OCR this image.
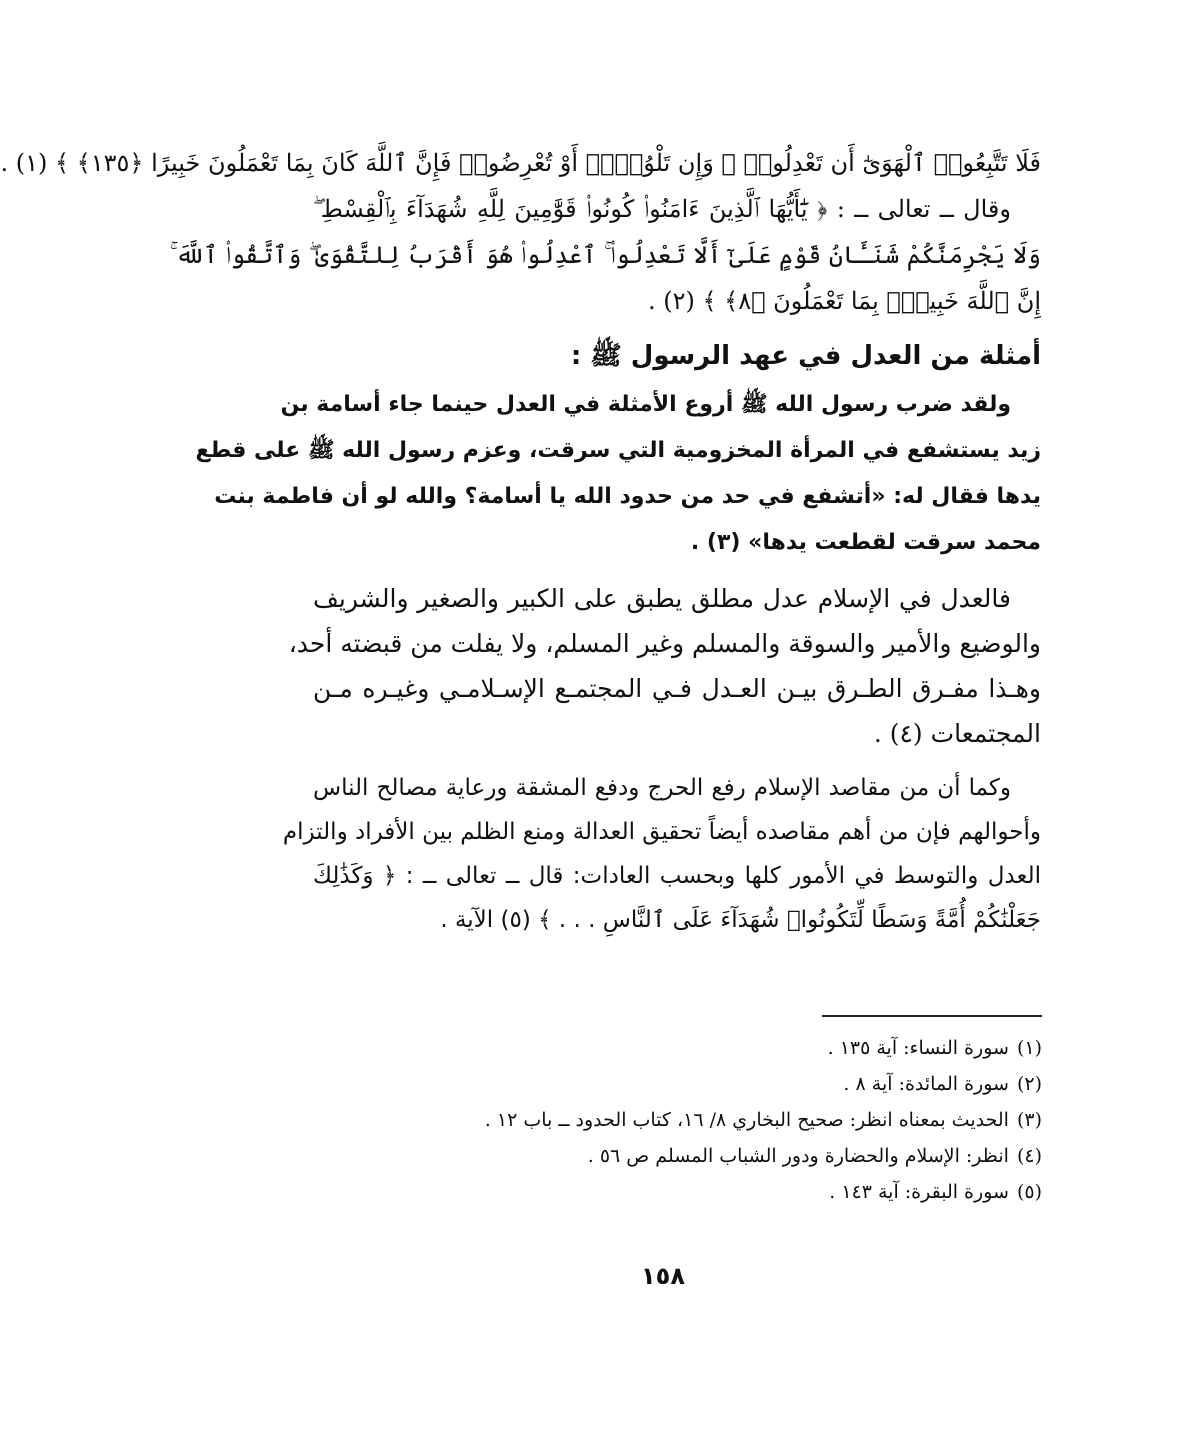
فَلَا تَتَّبِعُوا۟ ٱلْهَوَىٰٓ أَن تَعْدِلُوا۟ ۚ وَإِن تَلْوُۥٓا۟ أَوْ تُعْرِضُوا۟ فَإِنَّ ٱللَّهَ كَانَ بِمَا تَعْمَلُونَ خَبِيرًا ﴿١٣٥﴾ ﴾ (١) .
وقال ــ تعالى ــ : ﴿ يَٰٓأَيُّهَا ٱلَّذِينَ ءَامَنُوا۟ كُونُوا۟ قَوَّٰمِينَ لِلَّهِ شُهَدَآءَ بِٱلْقِسْطِ ۖ
وَلَا يَجْرِمَنَّكُمْ شَنَـَٔانُ قَوْمٍ عَلَىٰٓ أَلَّا تَعْدِلُوا۟ ۚ ٱعْدِلُوا۟ هُوَ أَقْرَبُ لِلتَّقْوَىٰ ۖ وَٱتَّقُوا۟ ٱللَّهَ ۚ
إِنَّ ٱللَّهَ خَبِيرٌۢ بِمَا تَعْمَلُونَ ﴿٨﴾ ﴾ (٢) .
أمثلة من العدل في عهد الرسول ﷺ :
ولقد ضرب رسول الله ﷺ أروع الأمثلة في العدل حينما جاء أسامة بن
زيد يستشفع في المرأة المخزومية التي سرقت، وعزم رسول الله ﷺ على قطع
يدها فقال له: «أتشفع في حد من حدود الله يا أسامة؟ والله لو أن فاطمة بنت
محمد سرقت لقطعت يدها» (٣) .
فالعدل في الإسلام عدل مطلق يطبق على الكبير والصغير والشريف
والوضيع والأمير والسوقة والمسلم وغير المسلم، ولا يفلت من قبضته أحد،
وهـذا مفـرق الطـرق بيـن العـدل فـي المجتمـع الإسـلامـي وغيـره مـن
المجتمعات (٤) .
وكما أن من مقاصد الإسلام رفع الحرج ودفع المشقة ورعاية مصالح الناس
وأحوالهم فإن من أهم مقاصده أيضاً تحقيق العدالة ومنع الظلم بين الأفراد والتزام
العدل والتوسط في الأمور كلها وبحسب العادات: قال ــ تعالى ــ : ﴿ وَكَذَٰلِكَ
جَعَلْنَٰكُمْ أُمَّةً وَسَطًا لِّتَكُونُوا۟ شُهَدَآءَ عَلَى ٱلنَّاسِ . . . ﴾ (٥) الآية .
(١)سورة النساء: آية ١٣٥ .
(٢)سورة المائدة: آية ٨ .
(٣)الحديث بمعناه انظر: صحيح البخاري ٨/ ١٦، كتاب الحدود ــ باب ١٢ .
(٤)انظر: الإسلام والحضارة ودور الشباب المسلم ص ٥٦ .
(٥)سورة البقرة: آية ١٤٣ .
١٥٨
